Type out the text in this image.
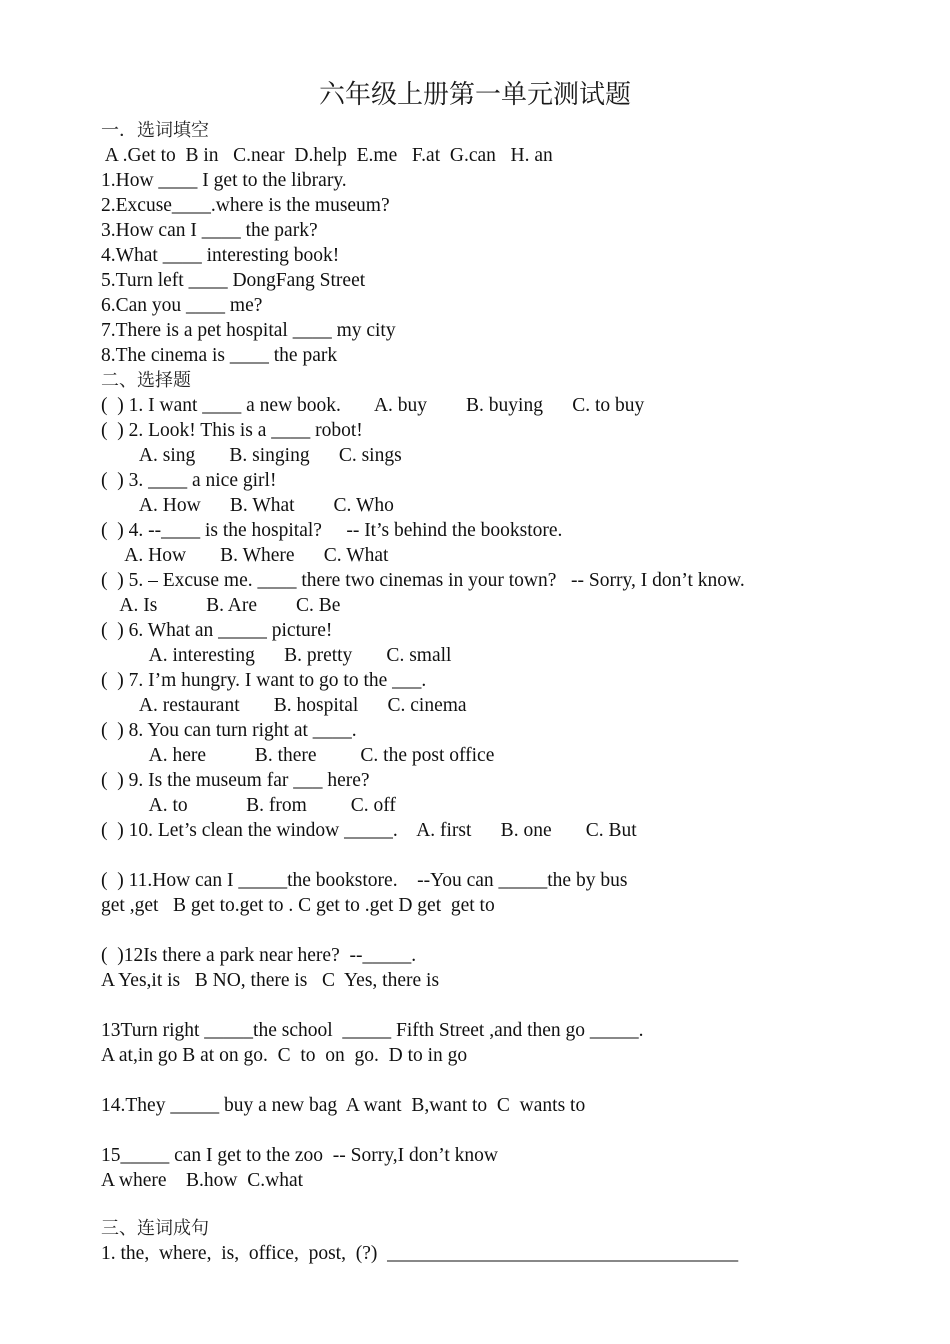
六年级上册第一单元测试题
一．选词填空
A .Get to  B in   C.near  D.help  E.me   F.at  G.can   H. an
1.How ____ I get to the library.
2.Excuse____.where is the museum?
3.How can I ____ the park?
4.What ____ interesting book!
5.Turn left ____ DongFang Street
6.Can you ____ me?
7.There is a pet hospital ____ my city
8.The cinema is ____ the park
二、选择题
(  ) 1. I want ____ a new book.       A. buy        B. buying      C. to buy
(  ) 2. Look! This is a ____ robot!
A. sing       B. singing      C. sings
(  ) 3. ____ a nice girl!
A. How      B. What        C. Who
(  ) 4. --____ is the hospital?     -- It’s behind the bookstore.
A. How       B. Where      C. What
(  ) 5. – Excuse me. ____ there two cinemas in your town?   -- Sorry, I don’t know.
A. Is          B. Are        C. Be
(  ) 6. What an _____ picture!
A. interesting      B. pretty       C. small
(  ) 7. I’m hungry. I want to go to the ___.
A. restaurant       B. hospital      C. cinema
(  ) 8. You can turn right at ____.
A. here          B. there         C. the post office
(  ) 9. Is the museum far ___ here?
A. to            B. from         C. off
(  ) 10. Let’s clean the window _____.    A. first      B. one       C. But
(  ) 11.How can I _____the bookstore.    --You can _____the by bus
get ,get   B get to.get to . C get to .get D get  get to
(  )12Is there a park near here?  --_____.
A Yes,it is   B NO, there is   C  Yes, there is
13Turn right _____the school  _____ Fifth Street ,and then go _____.
A at,in go B at on go.  C  to  on  go.  D to in go
14.They _____ buy a new bag  A want  B,want to  C  wants to
15_____ can I get to the zoo  -- Sorry,I don’t know
A where    B.how  C.what
三、连词成句
1. the,  where,  is,  office,  post,  (?)  ____________________________________
